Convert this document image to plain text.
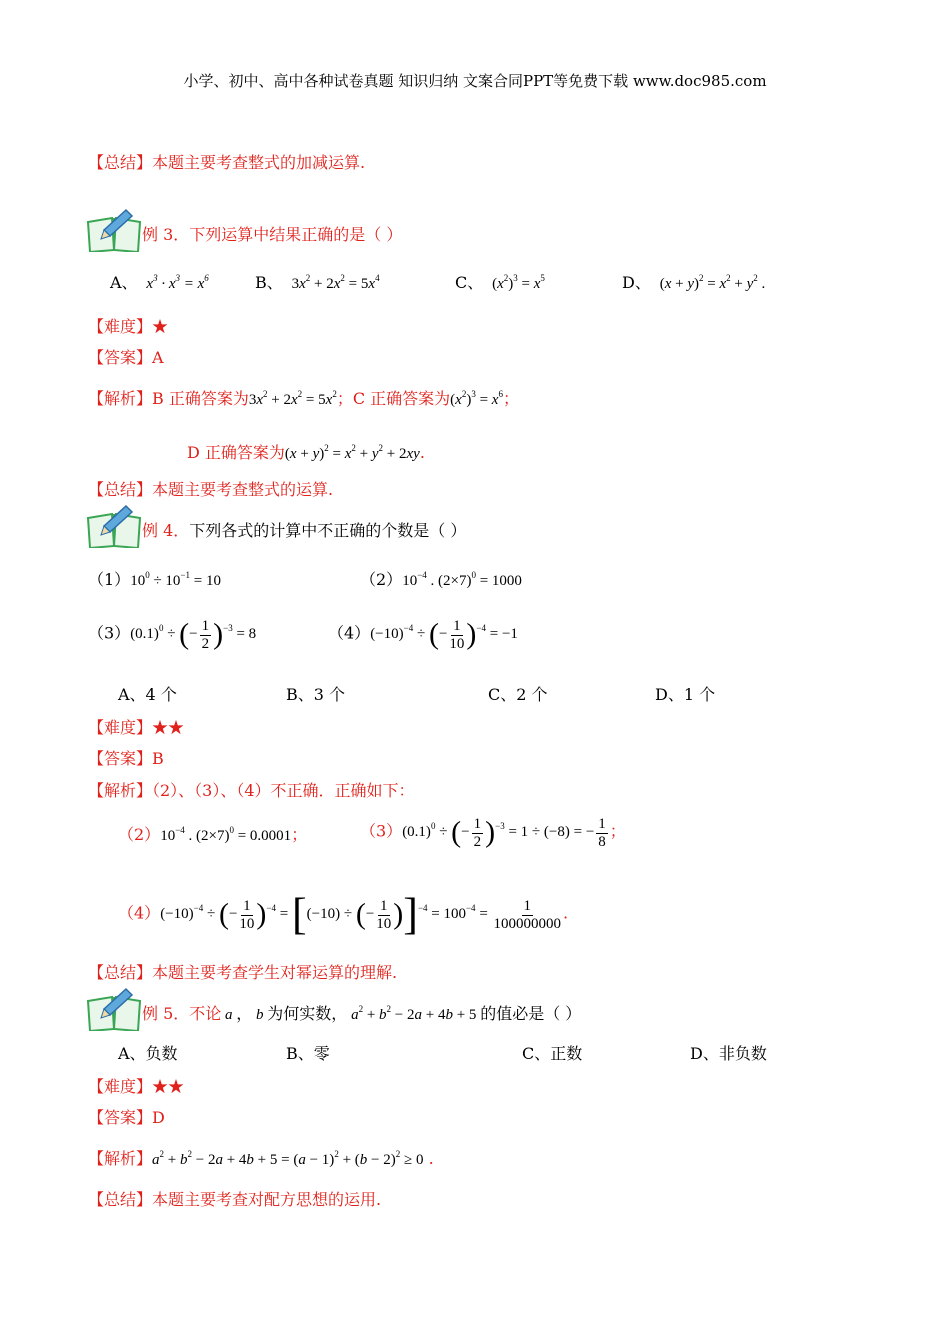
小学、初中、高中各种试卷真题 知识归纳 文案合同PPT等免费下载 www.doc985.com
【总结】本题主要考查整式的加减运算.
例 3．下列运算中结果正确的是（ ）
A、  $x^3 \cdot x^3 = x^6$	B、  $3x^2 + 2x^2 = 5x^4$	C、  $(x^2)^3 = x^5$	D、  $(x + y)^2 = x^2 + y^2$ .
【难度】★
【答案】A
【解析】B 正确答案为$3x^2 + 2x^2 = 5x^2$；C 正确答案为$(x^2)^3 = x^6$；
D 正确答案为$(x + y)^2 = x^2 + y^2 + 2xy$.
【总结】本题主要考查整式的运算.
例 4．下列各式的计算中不正确的个数是（ ）
$(1)10^0 \div 10^{-1} = 10$	$(2)10^{-4}$ . $(2\times 7)^0 = 1000$
$(3)(0.1)^0$ ÷ (− $\frac{1}{2} )^{-3} = 8$	$(4)(-10)^{-4}$ ÷ (− $\frac{1}{10} )^{-4} = -1$
A、4 个	B、3 个	C、2 个	D、1 个
【难度】★★
【答案】B
【解析】（2）、（3）、（4）不正确．正确如下：
$(2)10^{-4}$ . $(2\times 7)^0 = 0.0001$；	$(3)(0.1)^0$ ÷ (− $\frac{1}{2} )^{-3} = 1 \div (-8)$ = − $\frac{1}{8}$ ；
$(4)(-10)^{-4}$ ÷ (− $\frac{1}{10} )^{-4} = [(-10)$ ÷ (− $\frac{1}{10} )]^{-4} = 100^{-4} = \frac{1}{100000000}$ .
【总结】本题主要考查学生对幂运算的理解.
例 5．不论 a ， b 为何实数， $a^2 + b^2 - 2a + 4b + 5$ 的值必是（ ）
A、负数	B、零	C、正数	D、非负数
【难度】★★
【答案】D
【解析】$a^2 + b^2 - 2a + 4b + 5 = (a - 1)^2 + (b - 2)^2 \ge 0$ .
【总结】本题主要考查对配方思想的运用.
